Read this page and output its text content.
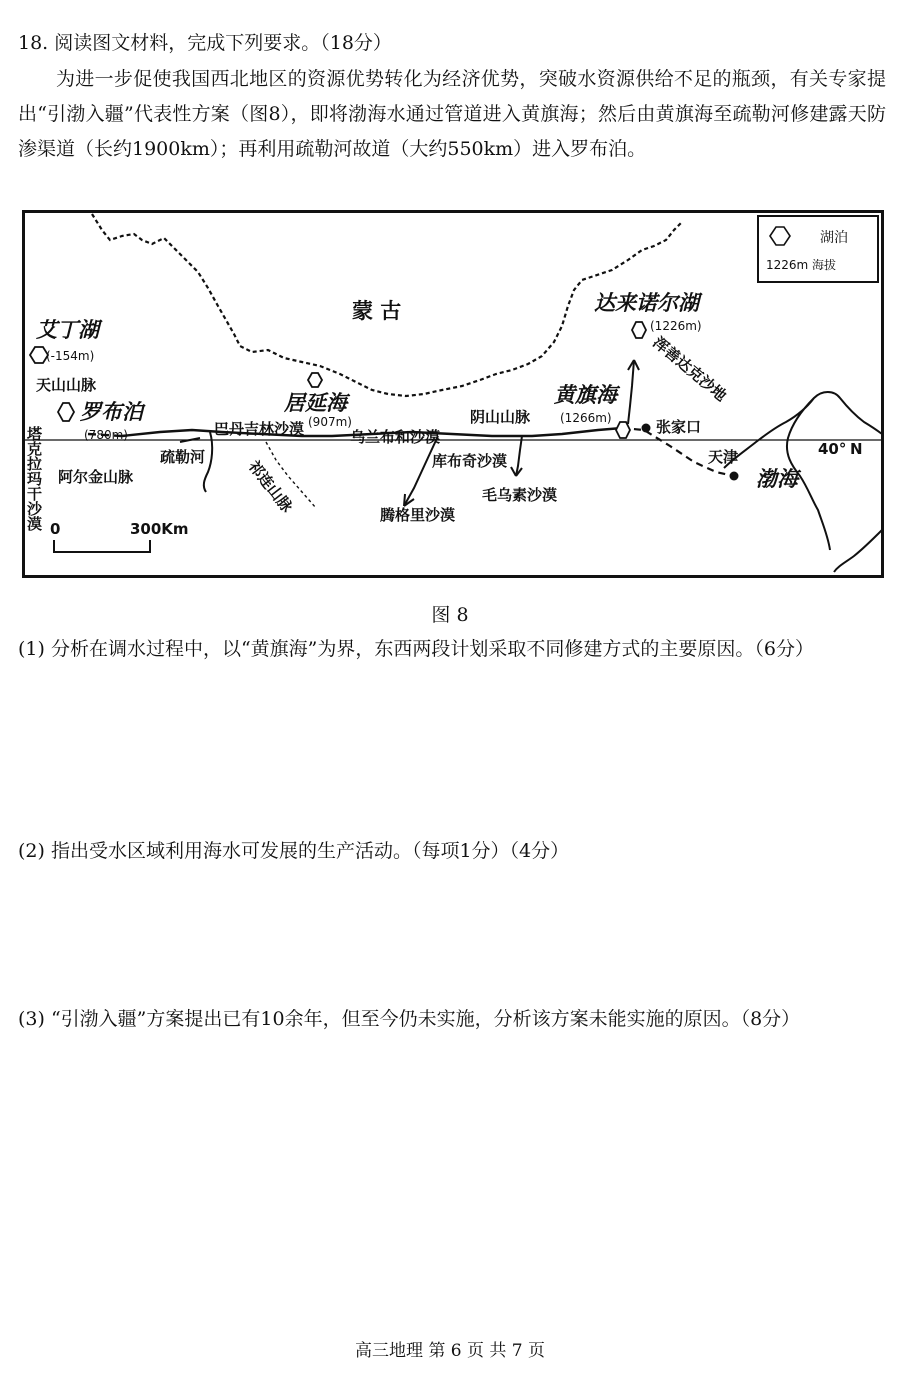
18. 阅读图文材料，完成下列要求。（18分）
为进一步促使我国西北地区的资源优势转化为经济优势，突破水资源供给不足的瓶颈，有关专家提出“引渤入疆”代表性方案（图8），即将渤海水通过管道进入黄旗海；然后由黄旗海至疏勒河修建露天防渗渠道（长约1900km）；再利用疏勒河故道（大约550km）进入罗布泊。
湖泊
1226m 海拔
蒙 古
艾丁湖
(-154m)
罗布泊
(780m)
居延海
(907m)
黄旗海
(1266m)
达来诺尔湖
(1226m)
天山山脉
阿尔金山脉
疏勒河
巴丹吉林沙漠	乌兰布和沙漠
阴山山脉
库布奇沙漠
毛乌素沙漠
腾格里沙漠
张家口
天津
渤海
40° N
祁连山脉
浑善达克沙地
塔克拉玛干沙漠 0	300Km
图 8
(1) 分析在调水过程中，以“黄旗海”为界，东西两段计划采取不同修建方式的主要原因。（6分）
(2) 指出受水区域利用海水可发展的生产活动。（每项1分）（4分）
(3) “引渤入疆”方案提出已有10余年，但至今仍未实施，分析该方案未能实施的原因。（8分）
高三地理 第 6 页 共 7 页
